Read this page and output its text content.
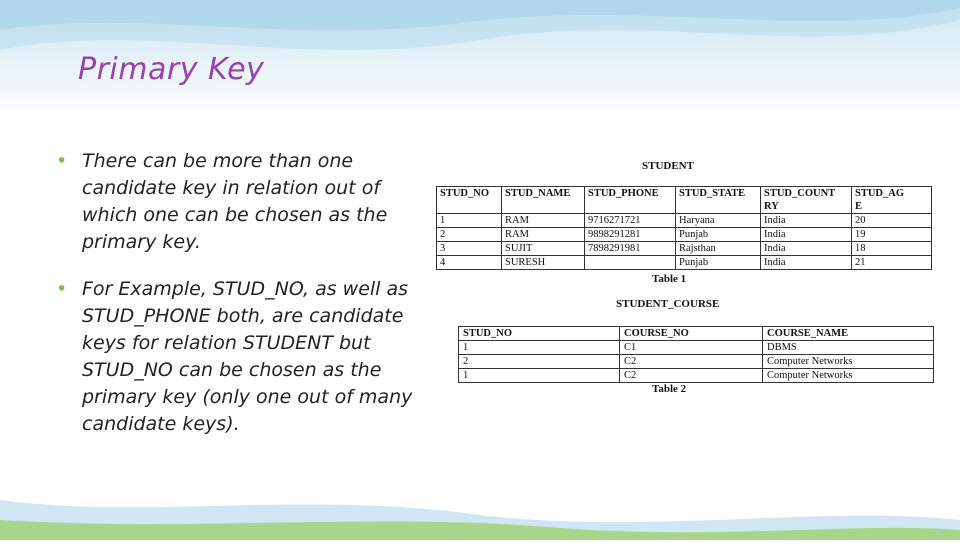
Primary Key
• There can be more than one candidate key in relation out of which one can be chosen as the primary key.
• For Example, STUD_NO, as well as STUD_PHONE both, are candidate keys for relation STUDENT but STUD_NO can be chosen as the primary key (only one out of many candidate keys).
STUDENT
STUD_NO	STUD_NAME	STUD_PHONE	STUD_STATE	STUD_COUNT	STUD_AG
				RY	E
1	RAM	9716271721	Haryana	India	20
2	RAM	9898291281	Punjab	India	19
3	SUJIT	7898291981	Rajsthan	India	18
4	SURESH		Punjab	India	21
Table 1
STUDENT_COURSE
STUD_NO	COURSE_NO	COURSE_NAME
1	C1	DBMS
2	C2	Computer Networks
1	C2	Computer Networks
Table 2
